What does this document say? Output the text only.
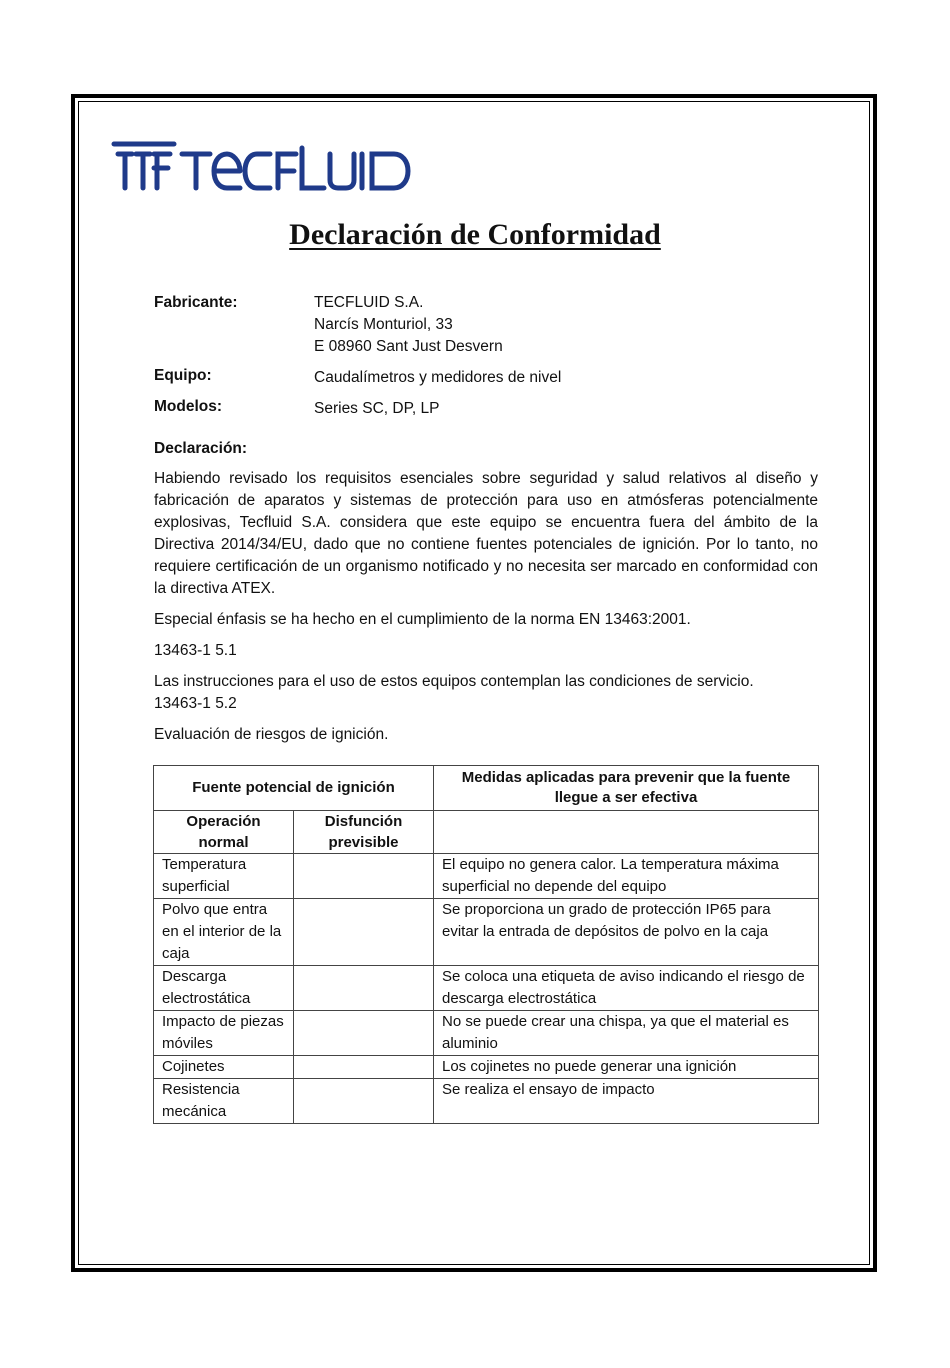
Declaración de Conformidad
Fabricante:	TECFLUID S.A.
Narcís Monturiol, 33
E 08960 Sant Just Desvern
Equipo:	Caudalímetros y medidores de nivel
Modelos:	Series SC, DP, LP
Declaración:

Habiendo revisado los requisitos esenciales sobre seguridad y salud relativos al diseño y fabricación de aparatos y sistemas de protección para uso en atmósferas potencialmente explosivas, Tecfluid S.A. considera que este equipo se encuentra fuera del ámbito de la Directiva 2014/34/EU, dado que no contiene fuentes potenciales de ignición. Por lo tanto, no requiere certificación de un organismo notificado y no necesita ser marcado en conformidad con la directiva ATEX.

Especial énfasis se ha hecho en el cumplimiento de la norma EN 13463:2001.

13463-1 5.1

Las instrucciones para el uso de estos equipos contemplan las condiciones de servicio.

13463-1 5.2

Evaluación de riesgos de ignición.

Fuente potencial de ignición		Medidas aplicadas para prevenir que la fuente llegue a ser efectiva
Operación normal	Disfunción previsible	
Temperatura superficial		El equipo no genera calor. La temperatura máxima superficial no depende del equipo
Polvo que entra en el interior de la caja		Se proporciona un grado de protección IP65 para evitar la entrada de depósitos de polvo en la caja
Descarga electrostática		Se coloca una etiqueta de aviso indicando el riesgo de descarga electrostática
Impacto de piezas móviles		No se puede crear una chispa, ya que el material es aluminio
Cojinetes		Los cojinetes no puede generar una ignición
Resistencia mecánica		Se realiza el ensayo de impacto
